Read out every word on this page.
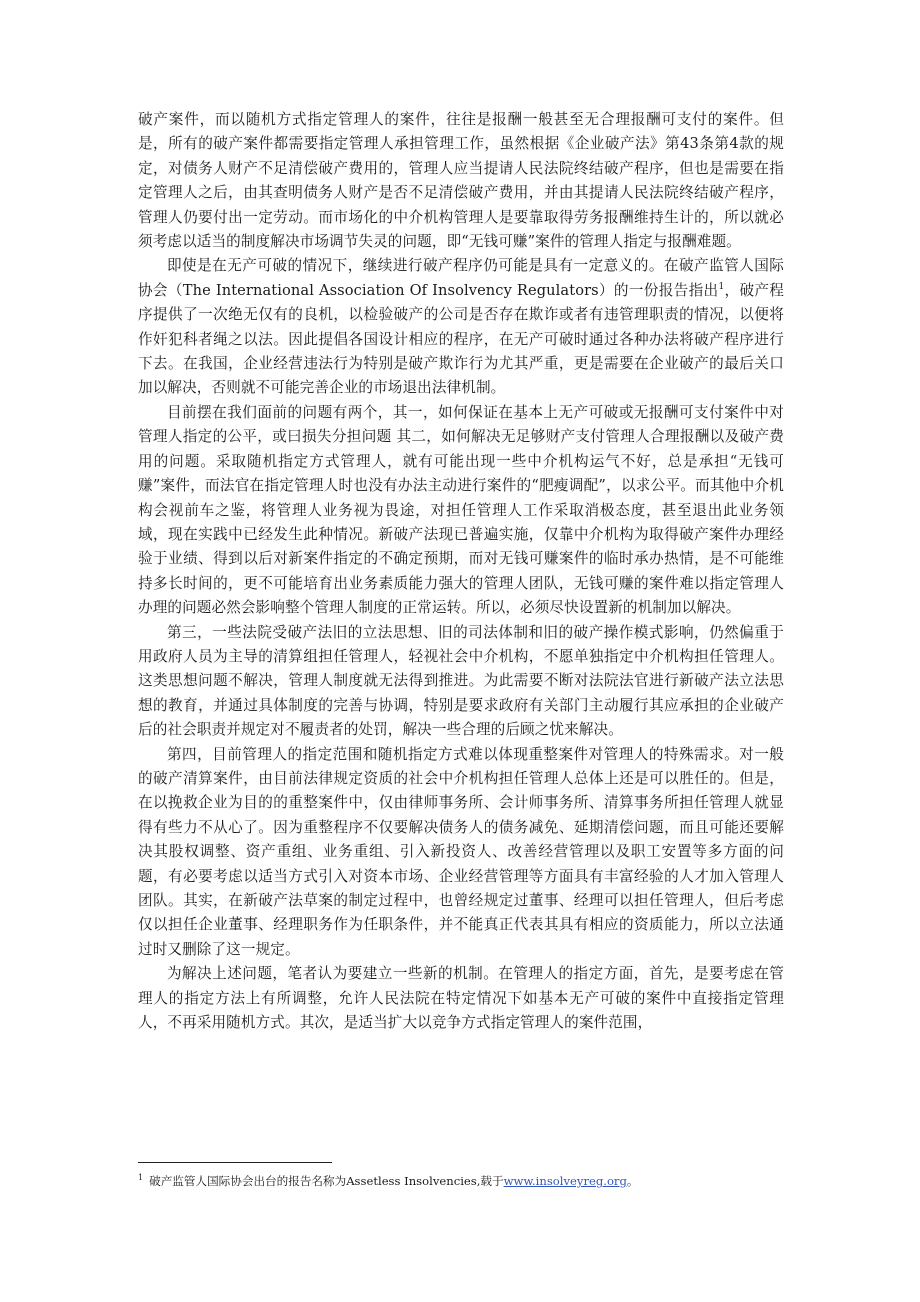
破产案件，而以随机方式指定管理人的案件，往往是报酬一般甚至无合理报酬可支付的案件。但是，所有的破产案件都需要指定管理人承担管理工作，虽然根据《企业破产法》第43条第4款的规定，对债务人财产不足清偿破产费用的，管理人应当提请人民法院终结破产程序，但也是需要在指定管理人之后，由其查明债务人财产是否不足清偿破产费用，并由其提请人民法院终结破产程序，管理人仍要付出一定劳动。而市场化的中介机构管理人是要靠取得劳务报酬维持生计的，所以就必须考虑以适当的制度解决市场调节失灵的问题，即“无钱可赚”案件的管理人指定与报酬难题。

即使是在无产可破的情况下，继续进行破产程序仍可能是具有一定意义的。在破产监管人国际协会（The International Association Of Insolvency Regulators）的一份报告指出$^1$，破产程序提供了一次绝无仅有的良机，以检验破产的公司是否存在欺诈或者有违管理职责的情况，以便将作奸犯科者绳之以法。因此提倡各国设计相应的程序，在无产可破时通过各种办法将破产程序进行下去。在我国，企业经营违法行为特别是破产欺诈行为尤其严重，更是需要在企业破产的最后关口加以解决，否则就不可能完善企业的市场退出法律机制。

目前摆在我们面前的问题有两个，其一，如何保证在基本上无产可破或无报酬可支付案件中对管理人指定的公平，或曰损失分担问题 其二，如何解决无足够财产支付管理人合理报酬以及破产费用的问题。采取随机指定方式管理人，就有可能出现一些中介机构运气不好，总是承担“无钱可赚”案件，而法官在指定管理人时也没有办法主动进行案件的“肥瘦调配”，以求公平。而其他中介机构会视前车之鉴，将管理人业务视为畏途，对担任管理人工作采取消极态度，甚至退出此业务领域，现在实践中已经发生此种情况。新破产法现已普遍实施，仅靠中介机构为取得破产案件办理经验于业绩、得到以后对新案件指定的不确定预期，而对无钱可赚案件的临时承办热情，是不可能维持多长时间的，更不可能培育出业务素质能力强大的管理人团队，无钱可赚的案件难以指定管理人办理的问题必然会影响整个管理人制度的正常运转。所以，必须尽快设置新的机制加以解决。

第三，一些法院受破产法旧的立法思想、旧的司法体制和旧的破产操作模式影响，仍然偏重于用政府人员为主导的清算组担任管理人，轻视社会中介机构，不愿单独指定中介机构担任管理人。这类思想问题不解决，管理人制度就无法得到推进。为此需要不断对法院法官进行新破产法立法思想的教育，并通过具体制度的完善与协调，特别是要求政府有关部门主动履行其应承担的企业破产后的社会职责并规定对不履责者的处罚，解决一些合理的后顾之忧来解决。

第四，目前管理人的指定范围和随机指定方式难以体现重整案件对管理人的特殊需求。对一般的破产清算案件，由目前法律规定资质的社会中介机构担任管理人总体上还是可以胜任的。但是，在以挽救企业为目的的重整案件中，仅由律师事务所、会计师事务所、清算事务所担任管理人就显得有些力不从心了。因为重整程序不仅要解决债务人的债务减免、延期清偿问题，而且可能还要解决其股权调整、资产重组、业务重组、引入新投资人、改善经营管理以及职工安置等多方面的问题，有必要考虑以适当方式引入对资本市场、企业经营管理等方面具有丰富经验的人才加入管理人团队。其实，在新破产法草案的制定过程中，也曾经规定过董事、经理可以担任管理人，但后考虑仅以担任企业董事、经理职务作为任职条件，并不能真正代表其具有相应的资质能力，所以立法通过时又删除了这一规定。

为解决上述问题，笔者认为要建立一些新的机制。在管理人的指定方面，首先，是要考虑在管理人的指定方法上有所调整，允许人民法院在特定情况下如基本无产可破的案件中直接指定管理人，不再采用随机方式。其次，是适当扩大以竞争方式指定管理人的案件范围，

$^1$ 破产监管人国际协会出台的报告名称为Assetless Insolvencies,载于www.insolveyreg.org。
